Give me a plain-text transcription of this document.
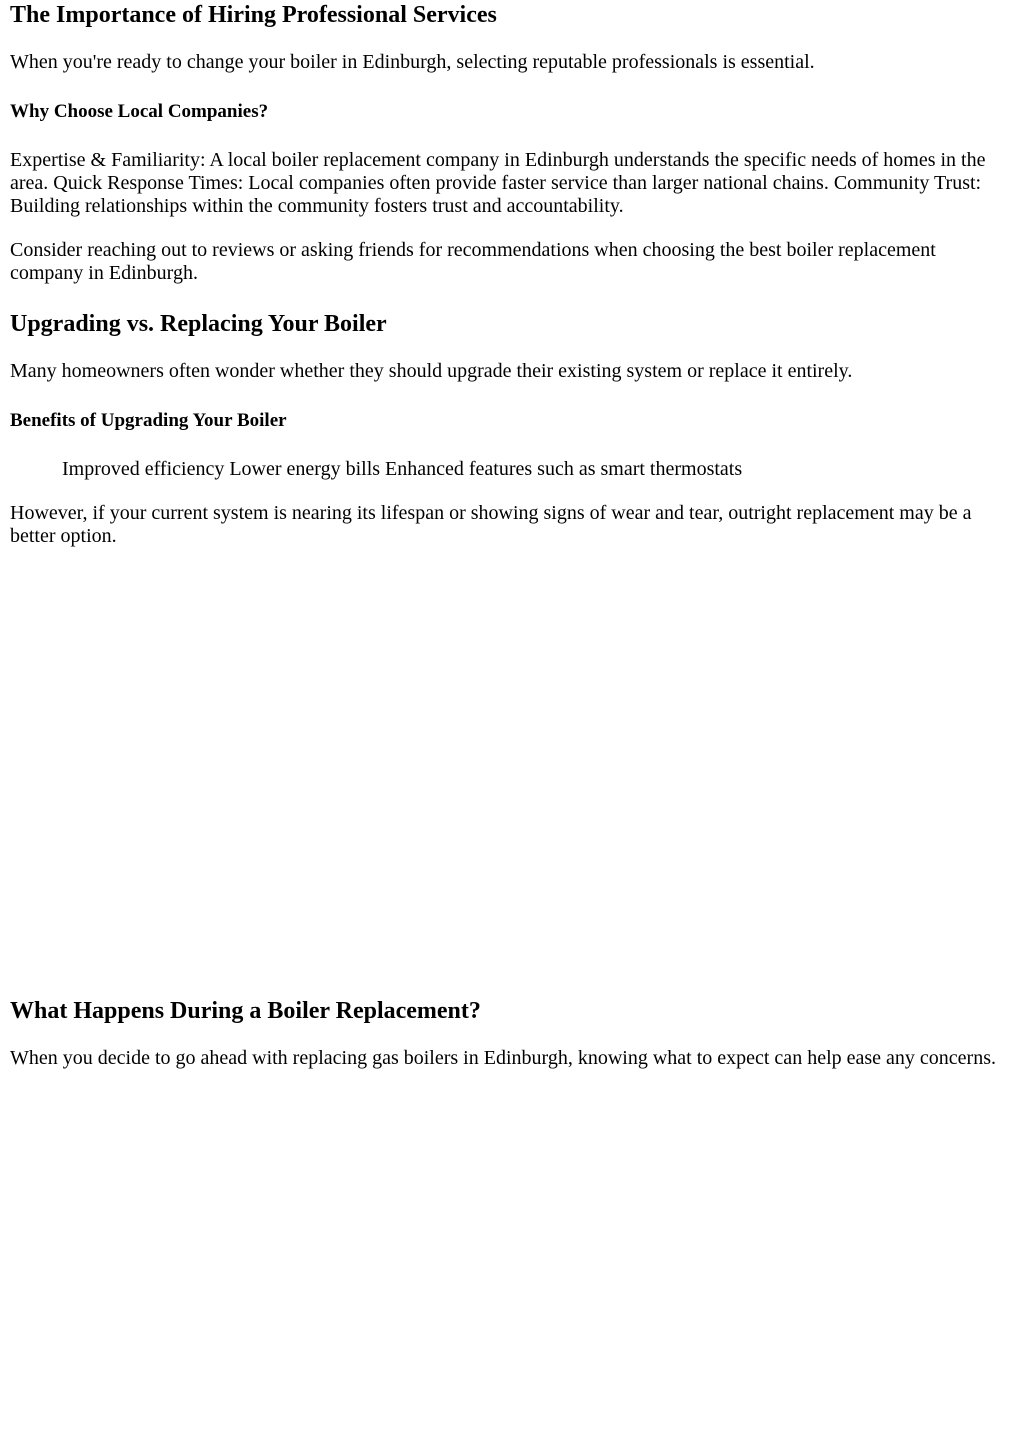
The Importance of Hiring Professional Services

When you're ready to change your boiler in Edinburgh, selecting reputable professionals is essential.

Why Choose Local Companies?

Expertise & Familiarity: A local boiler replacement company in Edinburgh understands the specific needs of homes in the area. Quick Response Times: Local companies often provide faster service than larger national chains. Community Trust: Building relationships within the community fosters trust and accountability.

Consider reaching out to reviews or asking friends for recommendations when choosing the best boiler replacement company in Edinburgh.

Upgrading vs. Replacing Your Boiler

Many homeowners often wonder whether they should upgrade their existing system or replace it entirely.

Benefits of Upgrading Your Boiler

Improved efficiency Lower energy bills Enhanced features such as smart thermostats

However, if your current system is nearing its lifespan or showing signs of wear and tear, outright replacement may be a better option.

What Happens During a Boiler Replacement?

When you decide to go ahead with replacing gas boilers in Edinburgh, knowing what to expect can help ease any concerns.
